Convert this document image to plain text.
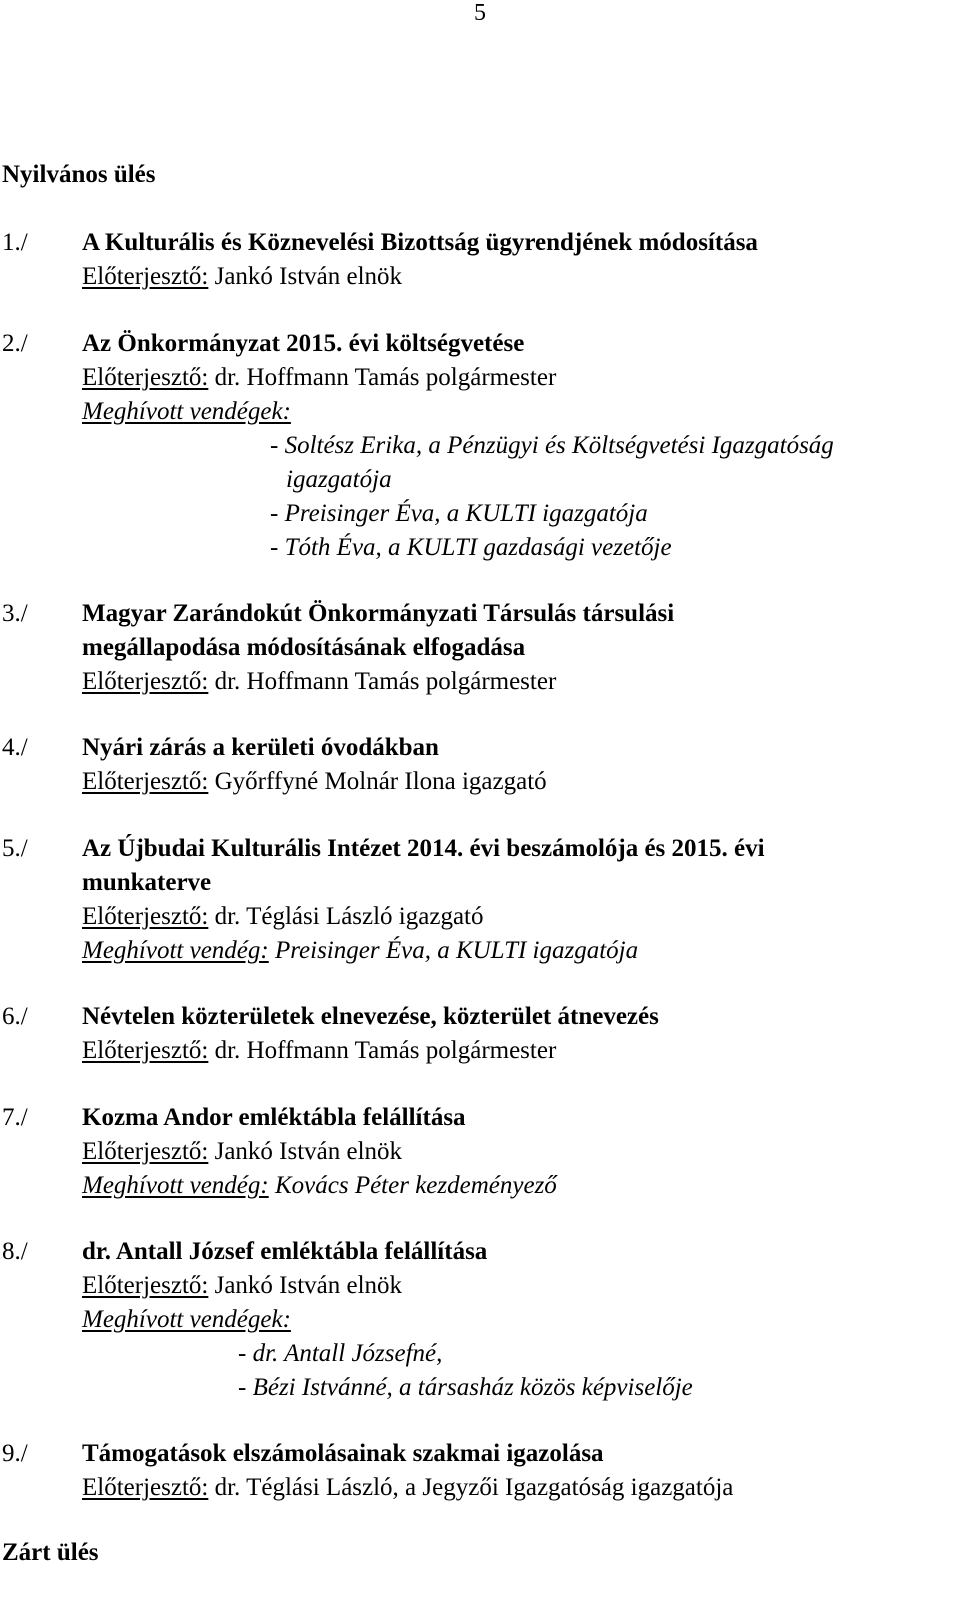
5
Nyilvános ülés
1./ A Kulturális és Köznevelési Bizottság ügyrendjének módosítása
Előterjesztő: Jankó István elnök
2./ Az Önkormányzat 2015. évi költségvetése
Előterjesztő: dr. Hoffmann Tamás polgármester
Meghívott vendégek:
- Soltész Erika, a Pénzügyi és Költségvetési Igazgatóság
igazgatója
- Preisinger Éva, a KULTI igazgatója
- Tóth Éva, a KULTI gazdasági vezetője
3./ Magyar Zarándokút Önkormányzati Társulás társulási
megállapodása módosításának elfogadása
Előterjesztő: dr. Hoffmann Tamás polgármester
4./ Nyári zárás a kerületi óvodákban
Előterjesztő: Győrffyné Molnár Ilona igazgató
5./ Az Újbudai Kulturális Intézet 2014. évi beszámolója és 2015. évi
munkaterve
Előterjesztő: dr. Téglási László igazgató
Meghívott vendég: Preisinger Éva, a KULTI igazgatója
6./ Névtelen közterületek elnevezése, közterület átnevezés
Előterjesztő: dr. Hoffmann Tamás polgármester
7./ Kozma Andor emléktábla felállítása
Előterjesztő: Jankó István elnök
Meghívott vendég: Kovács Péter kezdeményező
8./ dr. Antall József emléktábla felállítása
Előterjesztő: Jankó István elnök
Meghívott vendégek:
- dr. Antall Józsefné,
- Bézi Istvánné, a társasház közös képviselője
9./ Támogatások elszámolásainak szakmai igazolása
Előterjesztő: dr. Téglási László, a Jegyzői Igazgatóság igazgatója
Zárt ülés
